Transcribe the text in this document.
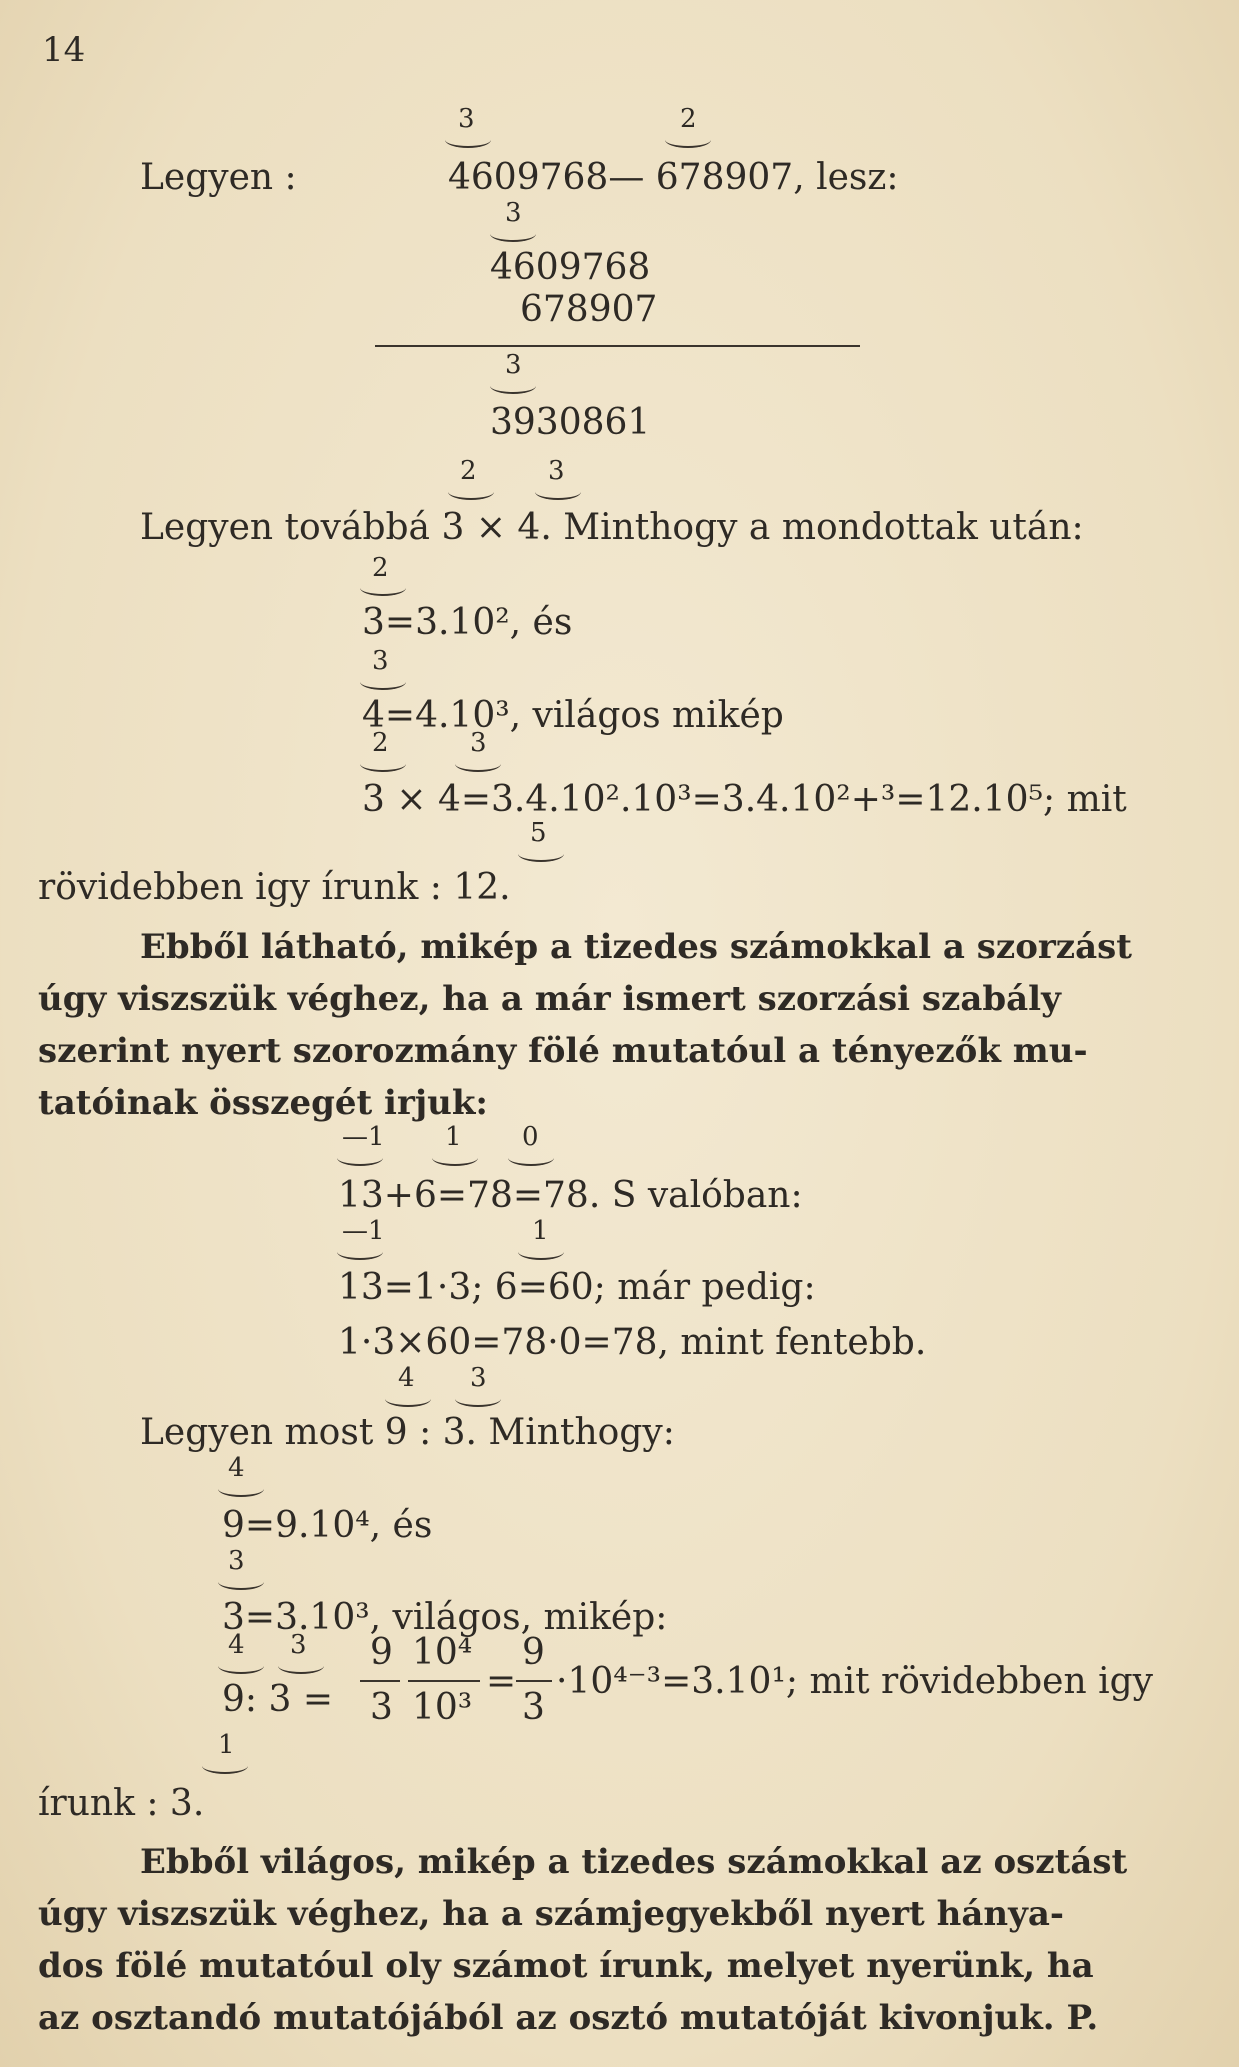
14
3	2
Legyen :	4609768— 678907, lesz:
3
4609768
678907
3
3930861
2	3
Legyen továbbá 3 × 4. Minthogy a mondottak után:
2
3=3.10², és
3
4=4.10³, világos mikép
2	3
3 × 4=3.4.10².10³=3.4.10²+³=12.10⁵; mit
5
rövidebben igy írunk : 12.
Ebből látható, mikép a tizedes számokkal a szorzást
úgy viszszük véghez, ha a már ismert szorzási szabály
szerint nyert szorozmány fölé mutatóul a tényezők mu-
tatóinak összegét irjuk:
—1 1 0
13+6=78=78. S valóban:
—1	1
13=1·3; 6=60; már pedig:
1·3×60=78·0=78, mint fentebb.
4 3
Legyen most 9 : 3. Minthogy:
4
9=9.10⁴, és
3
3=3.10³, világos, mikép:
4 3
9: 3 =
9
3
10⁴
10³
=
9
3
·10⁴⁻³=3.10¹; mit rövidebben igy
1
írunk : 3.
Ebből világos, mikép a tizedes számokkal az osztást
úgy viszszük véghez, ha a számjegyekből nyert hánya-
dos fölé mutatóul oly számot írunk, melyet nyerünk, ha
az osztandó mutatójából az osztó mutatóját kivonjuk. P.
